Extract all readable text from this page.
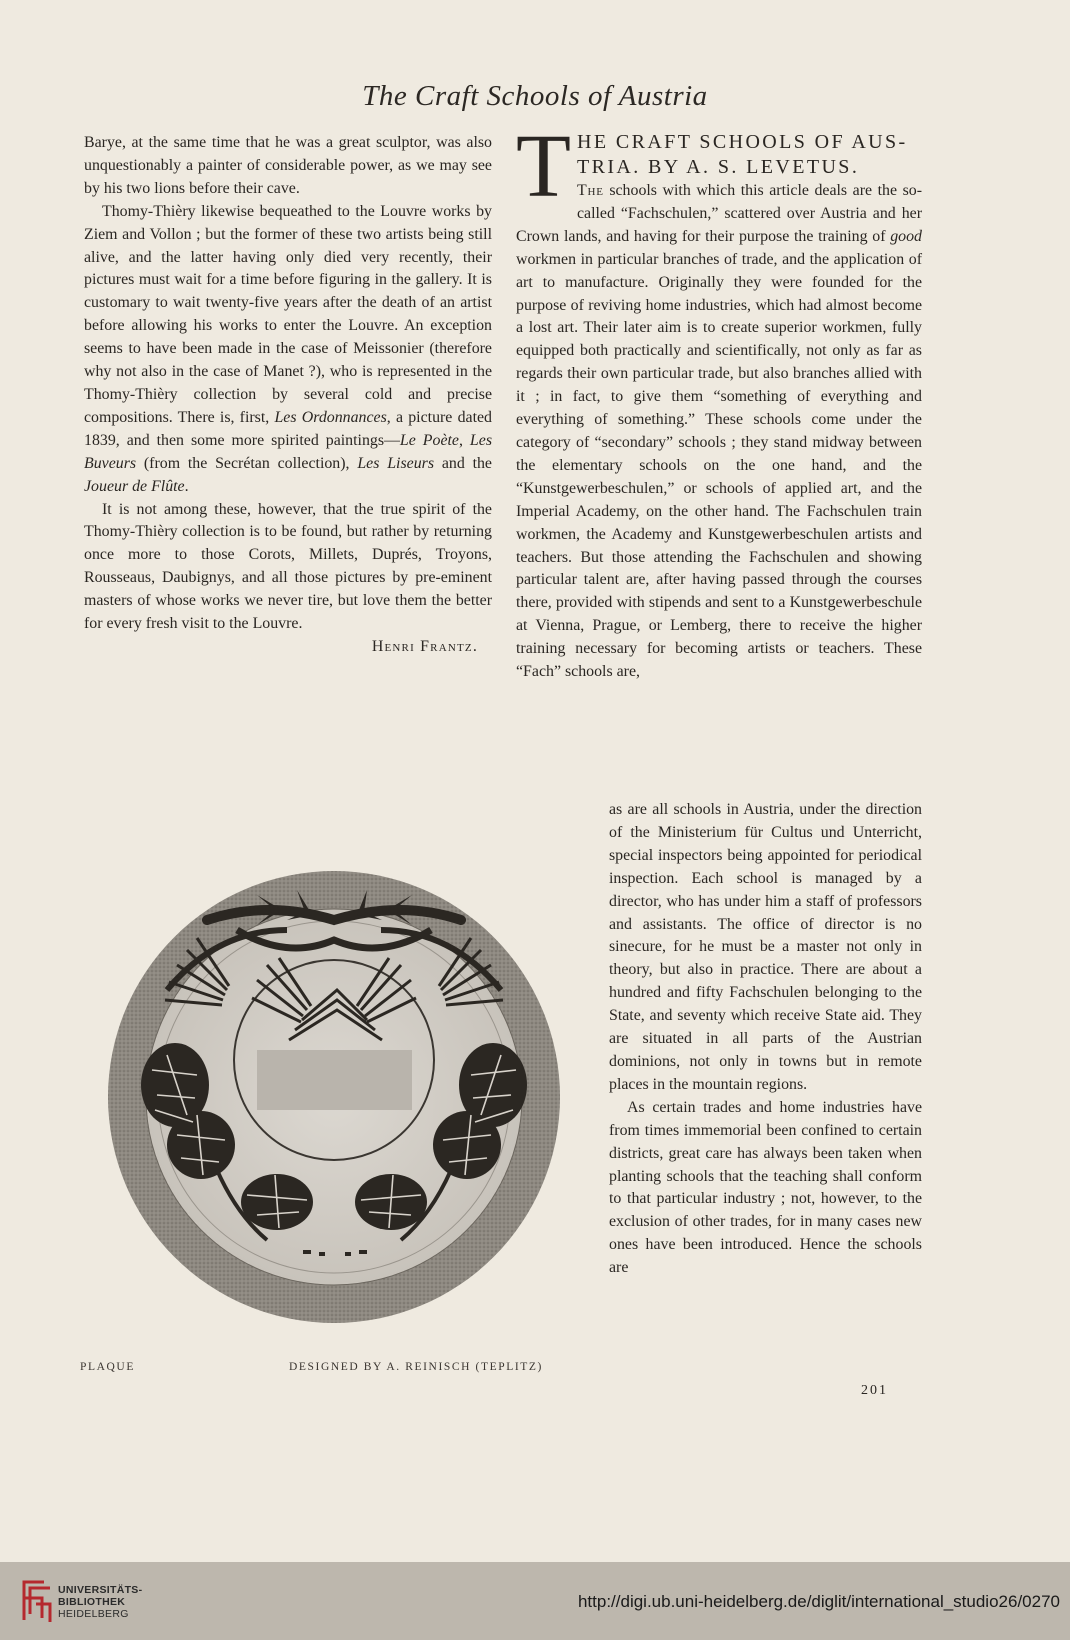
The Craft Schools of Austria

Barye, at the same time that he was a great sculptor, was also unquestionably a painter of considerable power, as we may see by his two lions before their cave.

Thomy-Thièry likewise bequeathed to the Louvre works by Ziem and Vollon ; but the former of these two artists being still alive, and the latter having only died very recently, their pictures must wait for a time before figuring in the gallery. It is customary to wait twenty-five years after the death of an artist before allowing his works to enter the Louvre. An exception seems to have been made in the case of Meissonier (therefore why not also in the case of Manet ?), who is represented in the Thomy-Thièry collection by several cold and precise compositions. There is, first, Les Ordonnances, a picture dated 1839, and then some more spirited paintings—Le Poète, Les Buveurs (from the Secrétan collection), Les Liseurs and the Joueur de Flûte.

It is not among these, however, that the true spirit of the Thomy-Thièry collection is to be found, but rather by returning once more to those Corots, Millets, Duprés, Troyons, Rousseaus, Daubignys, and all those pictures by pre-eminent masters of whose works we never tire, but love them the better for every fresh visit to the Louvre.

Henri Frantz.

T HE CRAFT SCHOOLS OF AUS-
TRIA. BY A. S. LEVETUS.

The schools with which this article deals are the so-called “Fachschulen,” scattered over Austria and her Crown lands, and having for their purpose the training of good workmen in particular branches of trade, and the application of art to manufacture. Originally they were founded for the purpose of reviving home industries, which had almost become a lost art. Their later aim is to create superior workmen, fully equipped both practically and scientifically, not only as far as regards their own particular trade, but also branches allied with it ; in fact, to give them “something of everything and everything of something.” These schools come under the category of “secondary” schools ; they stand midway between the elementary schools on the one hand, and the “Kunstgewerbeschulen,” or schools of applied art, and the Imperial Academy, on the other hand. The Fachschulen train workmen, the Academy and Kunstgewerbeschulen artists and teachers. But those attending the Fachschulen and showing particular talent are, after having passed through the courses there, provided with stipends and sent to a Kunstgewerbeschule at Vienna, Prague, or Lemberg, there to receive the higher training necessary for becoming artists or teachers. These “Fach” schools are,

as are all schools in Austria, under the direction of the Ministerium für Cultus und Unterricht, special inspectors being appointed for periodical inspection. Each school is managed by a director, who has under him a staff of professors and assistants. The office of director is no sinecure, for he must be a master not only in theory, but also in practice. There are about a hundred and fifty Fachschulen belonging to the State, and seventy which receive State aid. They are situated in all parts of the Austrian dominions, not only in towns but in remote places in the mountain regions.

As certain trades and home industries have from times immemorial been confined to certain districts, great care has always been taken when planting schools that the teaching shall conform to that particular industry ; not, however, to the exclusion of other trades, for in many cases new ones have been introduced. Hence the schools are

PLAQUE	DESIGNED BY A. REINISCH (TEPLITZ)
201
UNIVERSITÄTS-
BIBLIOTHEK
HEIDELBERG
http://digi.ub.uni-heidelberg.de/diglit/international_studio26/0270
